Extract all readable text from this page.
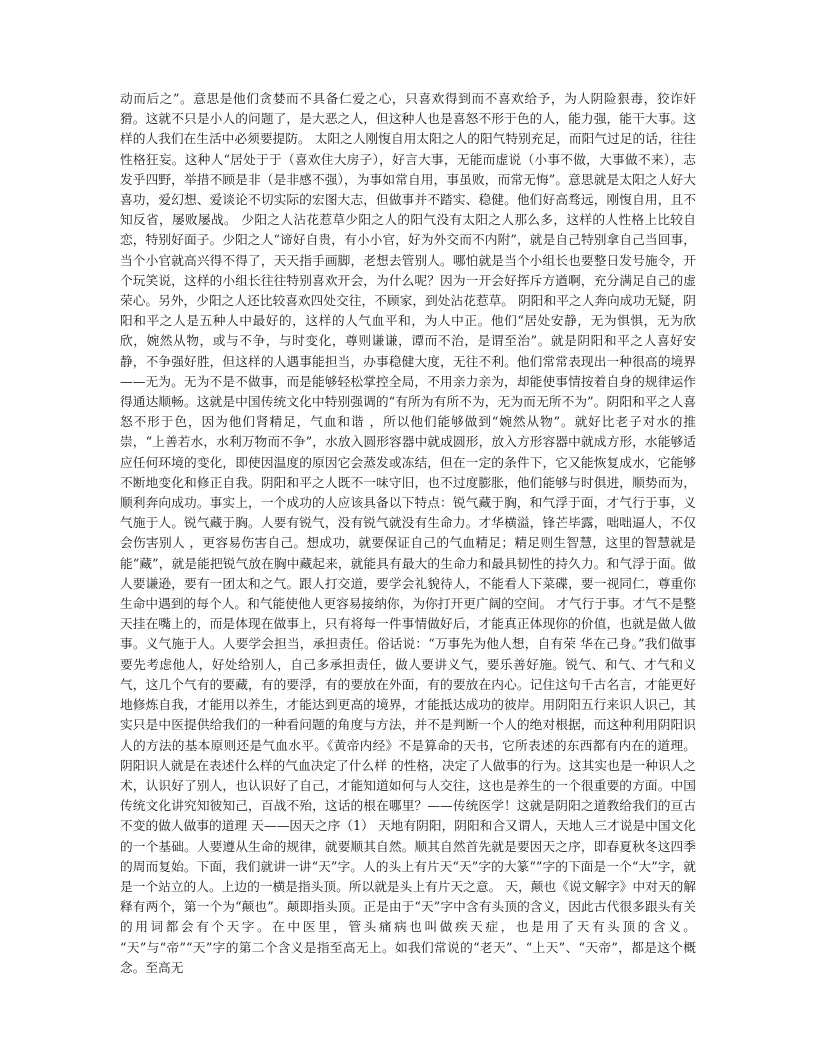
动而后之”。意思是他们贪婪而不具备仁爱之心，只喜欢得到而不喜欢给予，为人阴险狠毒，狡诈奸猾。这就不只是小人的问题了，是大恶之人，但这种人也是喜怒不形于色的人，能力强，能干大事。这样的人我们在生活中必须要提防。 太阳之人刚愎自用太阳之人的阳气特别充足，而阳气过足的话，往往性格狂妄。这种人“居处于于（喜欢住大房子），好言大事，无能而虚说（小事不做，大事做不来），志发乎四野，举措不顾是非（是非感不强），为事如常自用，事虽败，而常无悔”。意思就是太阳之人好大喜功，爱幻想、爱谈论不切实际的宏图大志，但做事并不踏实、稳健。他们好高骛远，刚愎自用，且不知反省，屡败屡战。 少阳之人沾花惹草少阳之人的阳气没有太阳之人那么多，这样的人性格上比较自恋，特别好面子。少阳之人“谛好自贵，有小小官，好为外交而不内附”，就是自己特别拿自己当回事，当个小官就高兴得不得了，天天指手画脚，老想去管别人。哪怕就是当个小组长也要整日发号施令，开个玩笑说，这样的小组长往往特别喜欢开会，为什么呢？因为一开会好挥斥方遒啊，充分满足自己的虚荣心。另外，少阳之人还比较喜欢四处交往，不顾家，到处沾花惹草。 阴阳和平之人奔向成功无疑，阴阳和平之人是五种人中最好的，这样的人气血平和，为人中正。他们“居处安静，无为惧惧，无为欣欣，婉然从物，或与不争，与时变化，尊则谦谦，谭而不治，是谓至治”。就是阴阳和平之人喜好安静，不争强好胜，但这样的人遇事能担当，办事稳健大度，无往不利。他们常常表现出一种很高的境界——无为。无为不是不做事，而是能够轻松掌控全局，不用亲力亲为，却能使事情按着自身的规律运作得通达顺畅。这就是中国传统文化中特别强调的“有所为有所不为，无为而无所不为”。阴阳和平之人喜怒不形于色，因为他们肾精足，气血和谐 ，所以他们能够做到“婉然从物”。就好比老子对水的推崇，“上善若水，水利万物而不争”，水放入圆形容器中就成圆形，放入方形容器中就成方形，水能够适应任何环境的变化，即使因温度的原因它会蒸发或冻结，但在一定的条件下，它又能恢复成水，它能够不断地变化和修正自我。阴阳和平之人既不一味守旧，也不过度膨胀，他们能够与时俱进，顺势而为，顺利奔向成功。事实上，一个成功的人应该具备以下特点：锐气藏于胸，和气浮于面，才气行于事，义气施于人。锐气藏于胸。人要有锐气，没有锐气就没有生命力。才华横溢，锋芒毕露，咄咄逼人，不仅会伤害别人 ，更容易伤害自己。想成功，就要保证自己的气血精足；精足则生智慧，这里的智慧就是能“藏”，就是能把锐气放在胸中藏起来，就能具有最大的生命力和最具韧性的持久力。和气浮于面。做人要谦逊，要有一团太和之气。跟人打交道，要学会礼貌待人，不能看人下菜碟，要一视同仁，尊重你生命中遇到的每个人。和气能使他人更容易接纳你，为你打开更广阔的空间。 才气行于事。才气不是整天挂在嘴上的，而是体现在做事上，只有将每一件事情做好后，才能真正体现你的价值，也就是做人做事。义气施于人。人要学会担当，承担责任。俗话说：“万事先为他人想，自有荣 华在己身。”我们做事要先考虑他人，好处给别人，自己多承担责任，做人要讲义气，要乐善好施。锐气、和气、才气和义气，这几个气有的要藏，有的要浮，有的要放在外面，有的要放在内心。记住这句千古名言，才能更好地修炼自我，才能用以养生，才能达到更高的境界，才能抵达成功的彼岸。用阴阳五行来识人识己，其实只是中医提供给我们的一种看问题的角度与方法，并不是判断一个人的绝对根据，而这种利用阴阳识人的方法的基本原则还是气血水平。《黄帝内经》不是算命的天书，它所表述的东西都有内在的道理。阴阳识人就是在表述什么样的气血决定了什么样 的性格，决定了人做事的行为。这其实也是一种识人之术，认识好了别人，也认识好了自己，才能知道如何与人交往，这也是养生的一个很重要的方面。中国传统文化讲究知彼知己，百战不殆，这话的根在哪里？——传统医学！这就是阴阳之道教给我们的亘古不变的做人做事的道理 天——因天之序（1） 天地有阴阳，阴阳和合又谓人，天地人三才说是中国文化的一个基础。人要遵从生命的规律，就要顺其自然。顺其自然首先就是要因天之序，即春夏秋冬这四季的周而复始。下面，我们就讲一讲“天”字。人的头上有片天“天”字的大篆“”字的下面是一个“大”字，就是一个站立的人。上边的一横是指头顶。所以就是头上有片天之意。 天，颠也《说文解字》中对天的解释有两个，第一个为“颠也”。颠即指头顶。正是由于“天”字中含有头顶的含义，因此古代很多跟头有关的用词都会有个天字。在中医里，管头痛病也叫做疾天症，也是用了天有头顶的含义。 “天”与“帝”“天”字的第二个含义是指至高无上。如我们常说的“老天”、“上天”、“天帝”，都是这个概念。至高无
